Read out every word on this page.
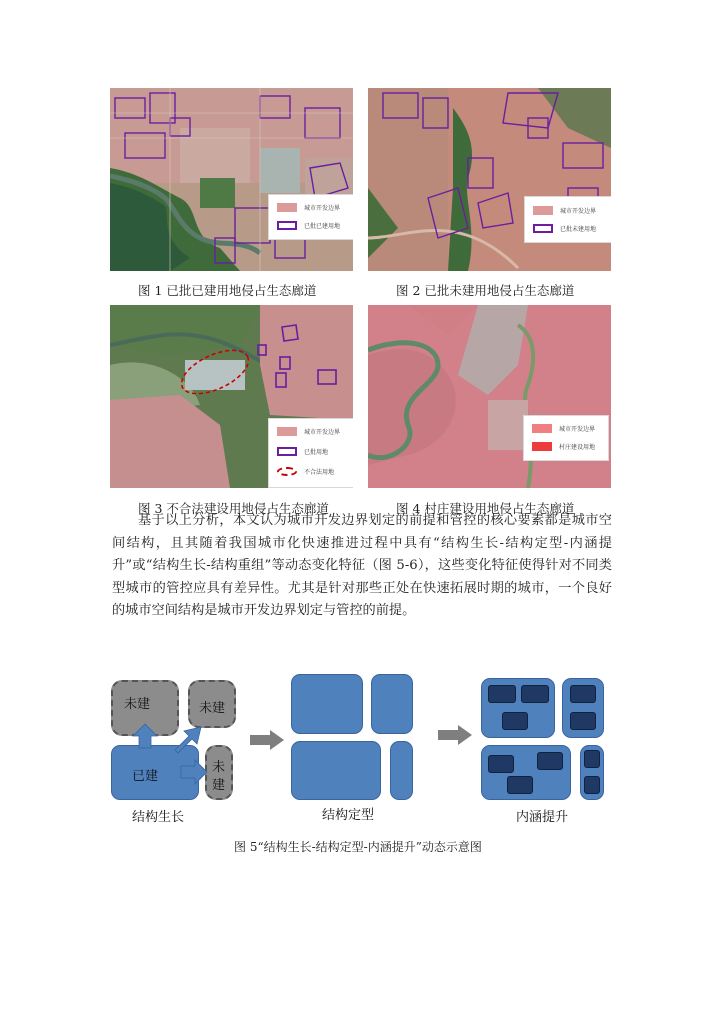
城市开发边界
已批已建用地
图 1 已批已建用地侵占生态廊道
城市开发边界
已批未建用地
图 2 已批未建用地侵占生态廊道
城市开发边界
已批用地
不合法用地
图 3 不合法建设用地侵占生态廊道
城市开发边界
村庄建设用地
图 4 村庄建设用地侵占生态廊道

基于以上分析，本文认为城市开发边界划定的前提和管控的核心要素都是城市空间结构，且其随着我国城市化快速推进过程中具有“结构生长-结构定型-内涵提升”或“结构生长-结构重组”等动态变化特征（图 5-6），这些变化特征使得针对不同类型城市的管控应具有差异性。尤其是针对那些正处在快速拓展时期的城市，一个良好的城市空间结构是城市开发边界划定与管控的前提。

未建	未建
未
建
已建
结构生长	结构定型	内涵提升
图 5“结构生长-结构定型-内涵提升”动态示意图
